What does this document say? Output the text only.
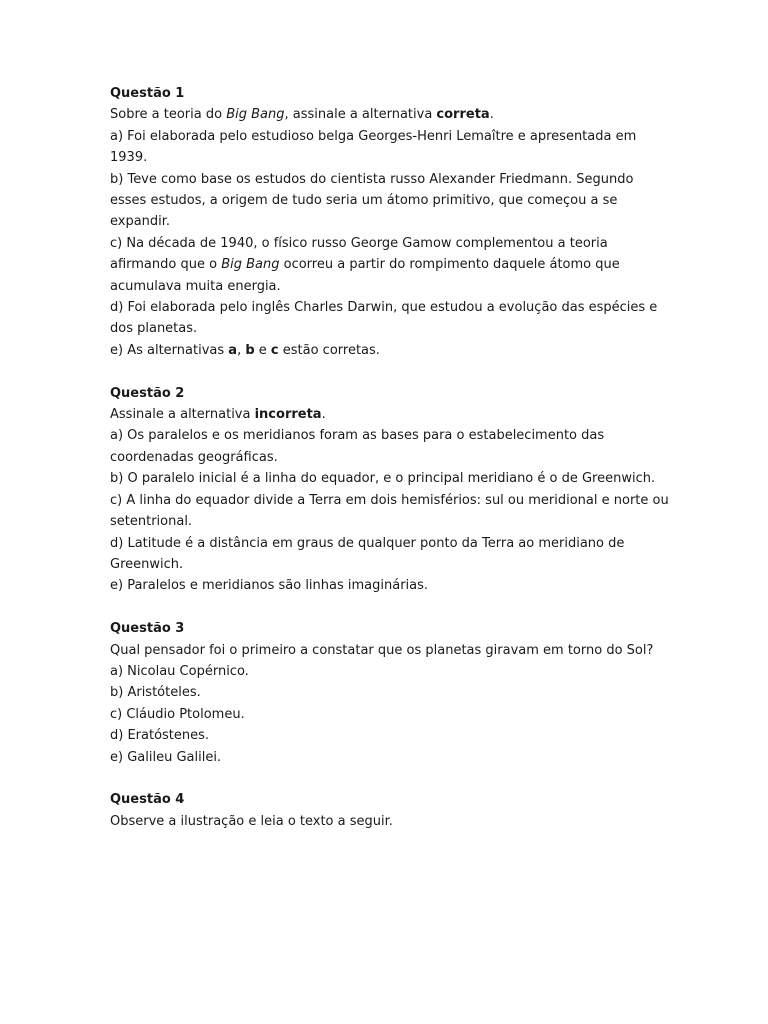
Questão 1
Sobre a teoria do Big Bang, assinale a alternativa correta.
a) Foi elaborada pelo estudioso belga Georges-Henri Lemaître e apresentada em 1939.
b) Teve como base os estudos do cientista russo Alexander Friedmann. Segundo esses estudos, a origem de tudo seria um átomo primitivo, que começou a se expandir.
c) Na década de 1940, o físico russo George Gamow complementou a teoria afirmando que o Big Bang ocorreu a partir do rompimento daquele átomo que acumulava muita energia.
d) Foi elaborada pelo inglês Charles Darwin, que estudou a evolução das espécies e dos planetas.
e) As alternativas a, b e c estão corretas.
Questão 2
Assinale a alternativa incorreta.
a) Os paralelos e os meridianos foram as bases para o estabelecimento das coordenadas geográficas.
b) O paralelo inicial é a linha do equador, e o principal meridiano é o de Greenwich.
c) A linha do equador divide a Terra em dois hemisférios: sul ou meridional e norte ou setentrional.
d) Latitude é a distância em graus de qualquer ponto da Terra ao meridiano de Greenwich.
e) Paralelos e meridianos são linhas imaginárias.
Questão 3
Qual pensador foi o primeiro a constatar que os planetas giravam em torno do Sol?
a) Nicolau Copérnico.
b) Aristóteles.
c) Cláudio Ptolomeu.
d) Eratóstenes.
e) Galileu Galilei.
Questão 4
Observe a ilustração e leia o texto a seguir.
